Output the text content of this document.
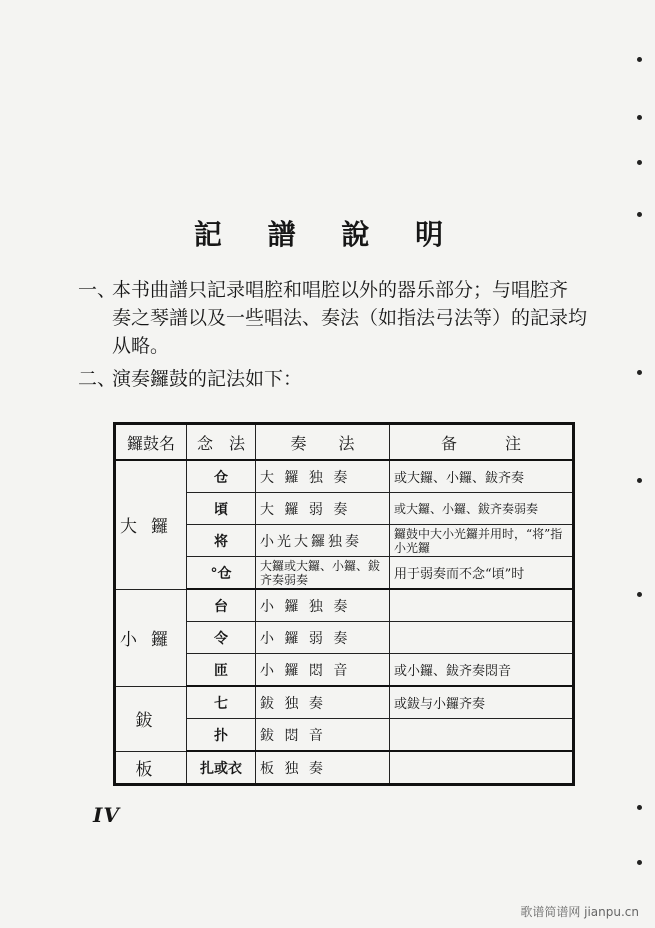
記 譜 說 明
一、本书曲譜只記录唱腔和唱腔以外的器乐部分；与唱腔齐
奏之琴譜以及一些唱法、奏法（如指法弓法等）的記录均从略。
二、演奏鑼鼓的記法如下：
鑼鼓名	念　法	奏　　法	备　　　注
大鑼	仓	大 鑼 独 奏	或大鑼、小鑼、鈸齐奏
	頃	大 鑼 弱 奏	或大鑼、小鑼、鈸齐奏弱奏
	将	小光大鑼独奏	鑼鼓中大小光鑼并用时，“将”指小光鑼
	°仓	大鑼或大鑼、小鑼、鈸齐奏弱奏	用于弱奏而不念“頃”时
小鑼	台	小 鑼 独 奏	
	令	小 鑼 弱 奏	
	匝	小 鑼 悶 音	或小鑼、鈸齐奏悶音
鈸	七	鈸 独 奏	或鈸与小鑼齐奏
	扑	鈸 悶 音	
板	扎或衣	板 独 奏	
IV
歌谱简谱网 jianpu.cn
